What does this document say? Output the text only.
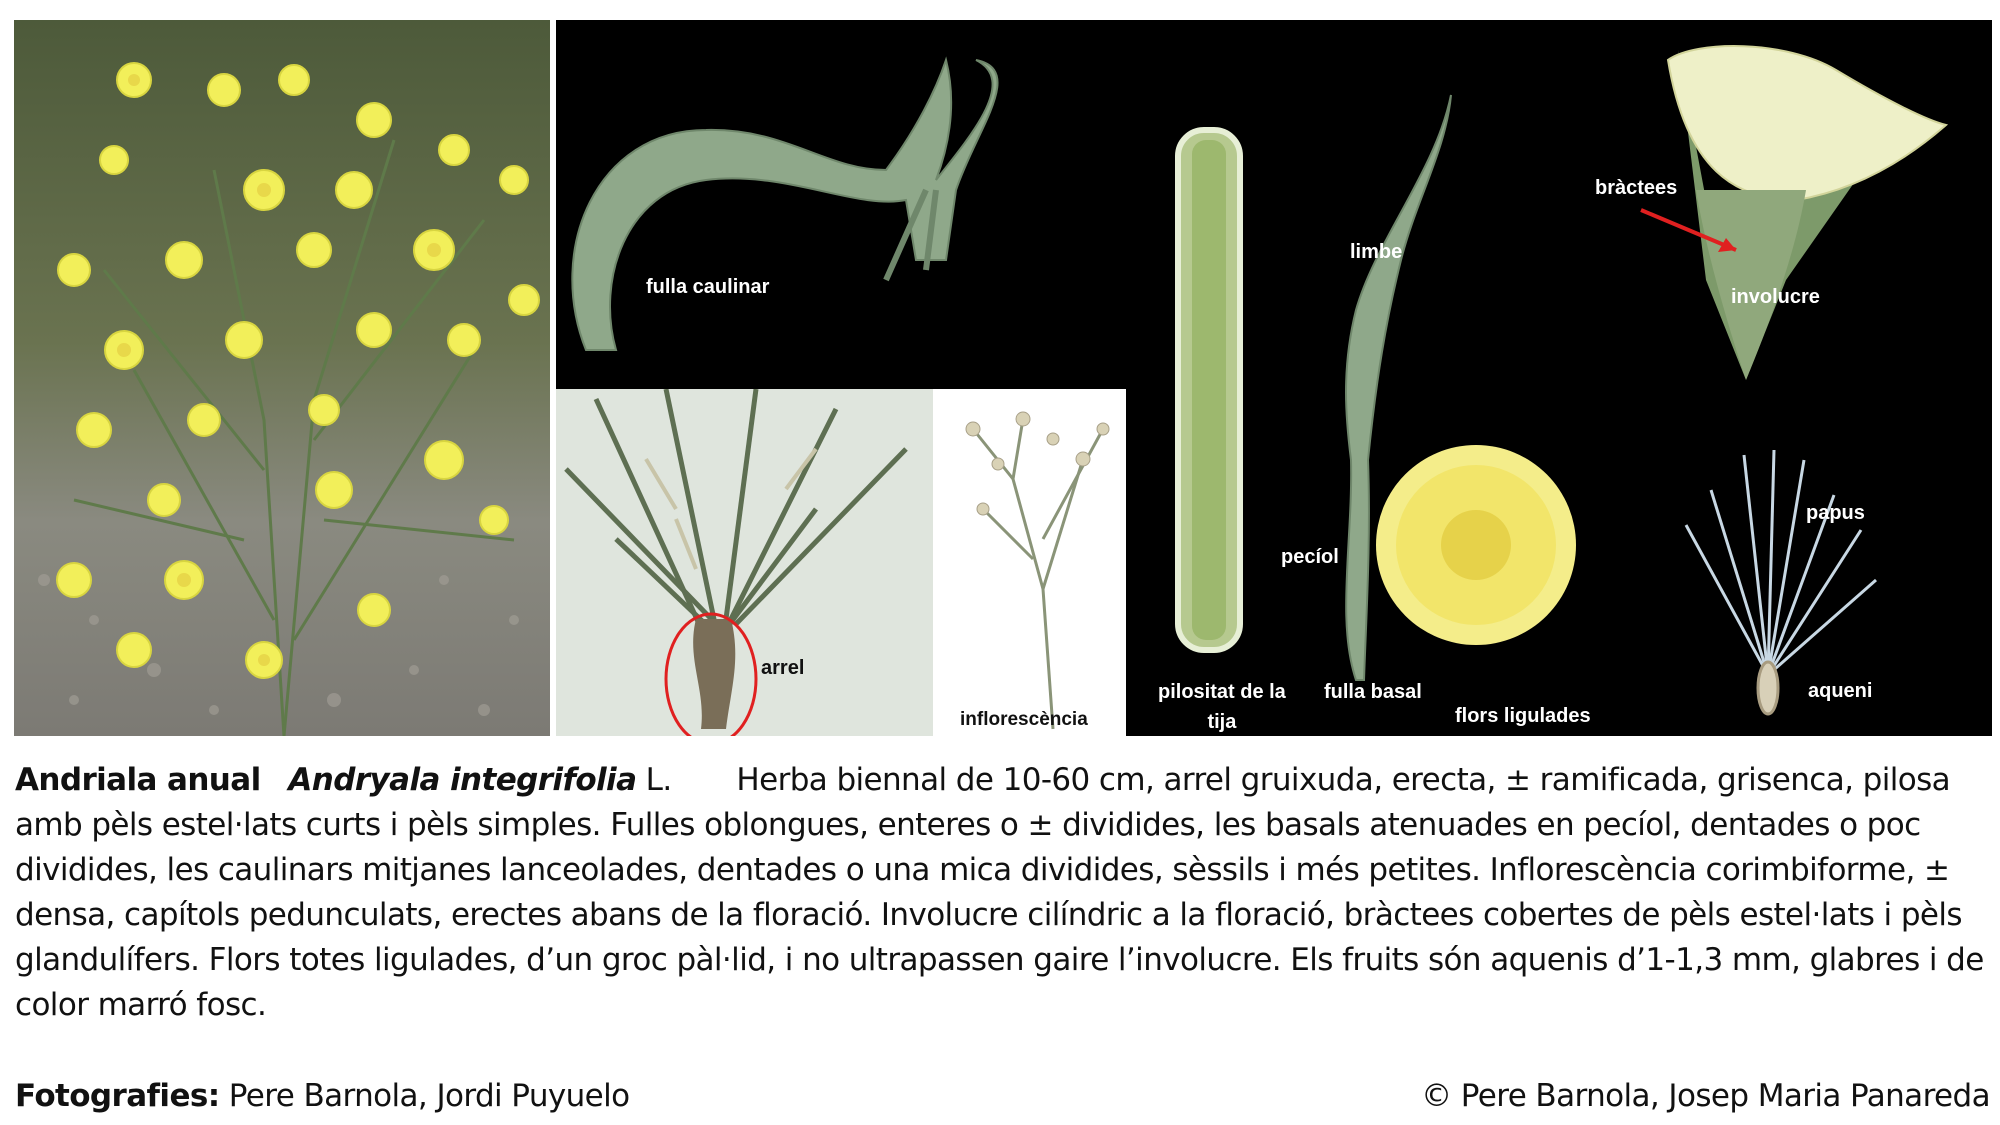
fulla caulinar
limbe
pecíol
pilositat de la
tija
fulla basal
flors ligulades
bràctees
involucre
papus
aqueni
arrel
inflorescència
Andriala anual Andryala integrifolia L. Herba biennal de 10-60 cm, arrel gruixuda, erecta, ± ramificada, grisenca, pilosa amb pèls estel·lats curts i pèls simples. Fulles oblongues, enteres o ± dividides, les basals atenuades en pecíol, dentades o poc dividides, les caulinars mitjanes lanceolades, dentades o una mica dividides, sèssils i més petites. Inflorescència corimbiforme, ± densa, capítols pedunculats, erectes abans de la floració. Involucre cilíndric a la floració, bràctees cobertes de pèls estel·lats i pèls glandulífers. Flors totes ligulades, d’un groc pàl·lid, i no ultrapassen gaire l’involucre. Els fruits són aquenis d’1-1,3 mm, glabres i de color marró fosc.
Fotografies: Pere Barnola, Jordi Puyuelo	© Pere Barnola, Josep Maria Panareda
